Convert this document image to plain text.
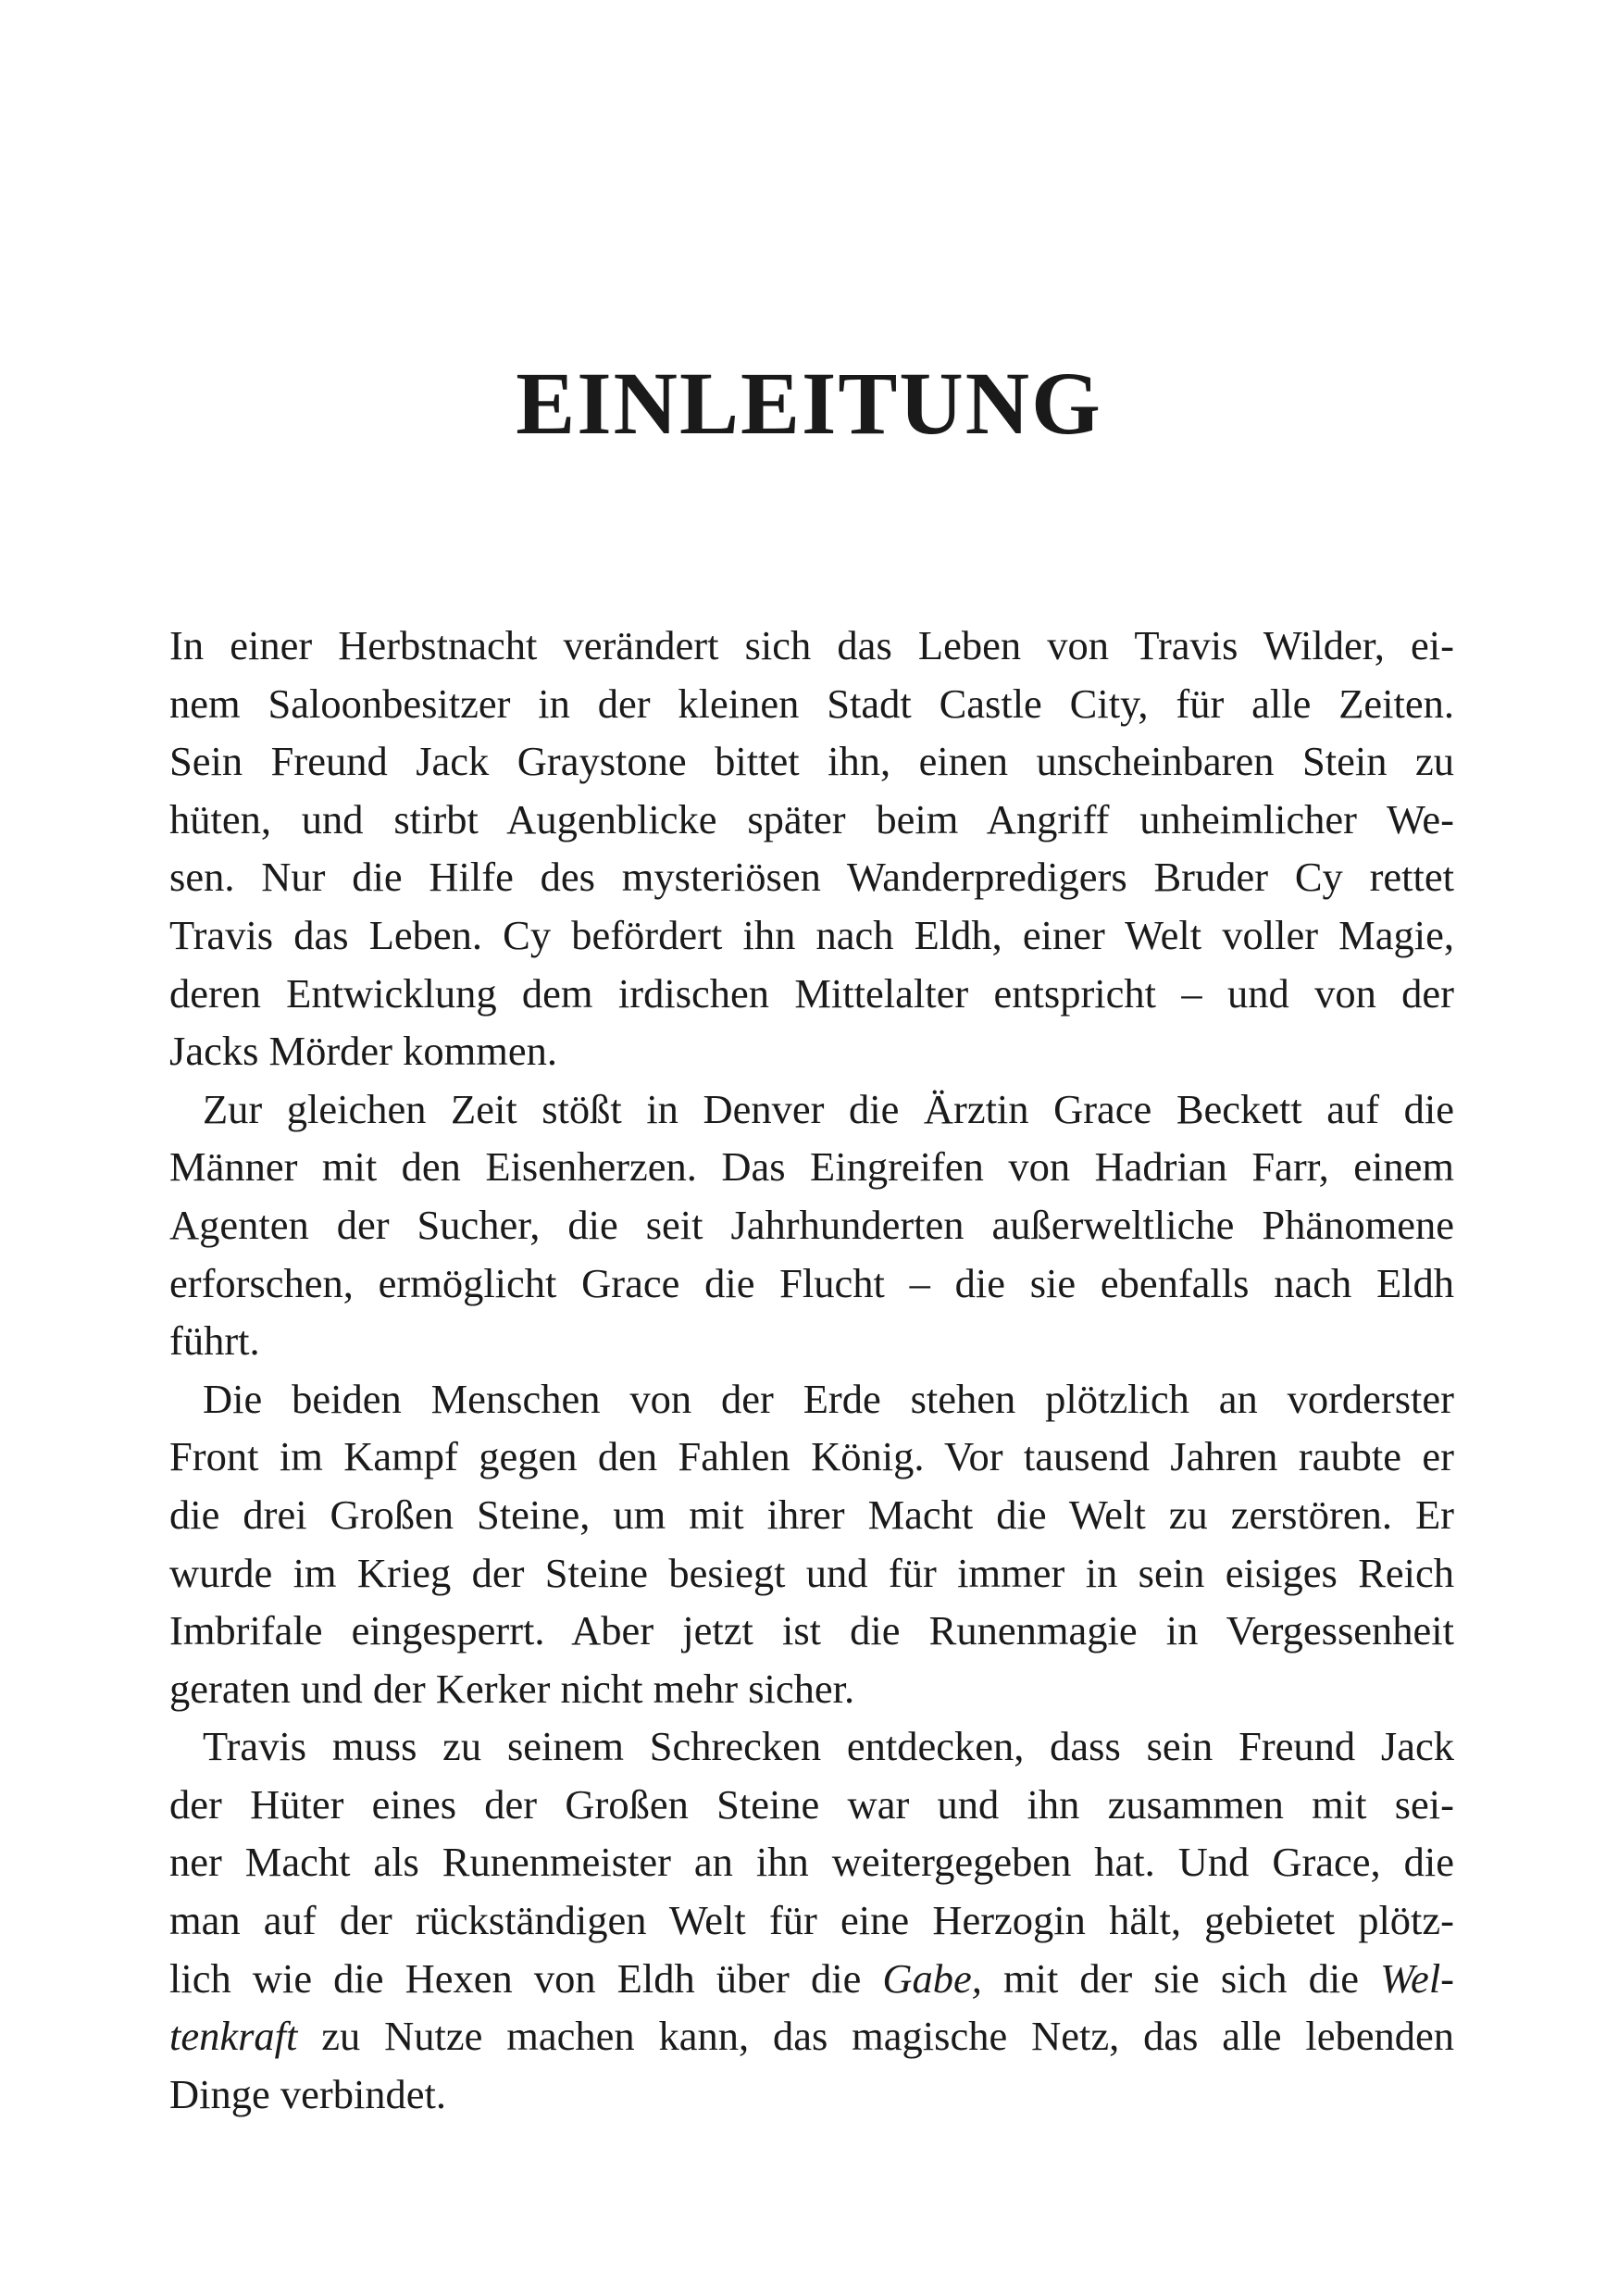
EINLEITUNG
In einer Herbstnacht verändert sich das Leben von Travis Wilder, ei-
nem Saloonbesitzer in der kleinen Stadt Castle City, für alle Zeiten.
Sein Freund Jack Graystone bittet ihn, einen unscheinbaren Stein zu
hüten, und stirbt Augenblicke später beim Angriff unheimlicher We-
sen. Nur die Hilfe des mysteriösen Wanderpredigers Bruder Cy rettet
Travis das Leben. Cy befördert ihn nach Eldh, einer Welt voller Magie,
deren Entwicklung dem irdischen Mittelalter entspricht – und von der
Jacks Mörder kommen.
Zur gleichen Zeit stößt in Denver die Ärztin Grace Beckett auf die
Männer mit den Eisenherzen. Das Eingreifen von Hadrian Farr, einem
Agenten der Sucher, die seit Jahrhunderten außerweltliche Phänomene
erforschen, ermöglicht Grace die Flucht – die sie ebenfalls nach Eldh
führt.
Die beiden Menschen von der Erde stehen plötzlich an vorderster
Front im Kampf gegen den Fahlen König. Vor tausend Jahren raubte er
die drei Großen Steine, um mit ihrer Macht die Welt zu zerstören. Er
wurde im Krieg der Steine besiegt und für immer in sein eisiges Reich
Imbrifale eingesperrt. Aber jetzt ist die Runenmagie in Vergessenheit
geraten und der Kerker nicht mehr sicher.
Travis muss zu seinem Schrecken entdecken, dass sein Freund Jack
der Hüter eines der Großen Steine war und ihn zusammen mit sei-
ner Macht als Runenmeister an ihn weitergegeben hat. Und Grace, die
man auf der rückständigen Welt für eine Herzogin hält, gebietet plötz-
lich wie die Hexen von Eldh über die Gabe, mit der sie sich die Wel-
tenkraft zu Nutze machen kann, das magische Netz, das alle lebenden
Dinge verbindet.
